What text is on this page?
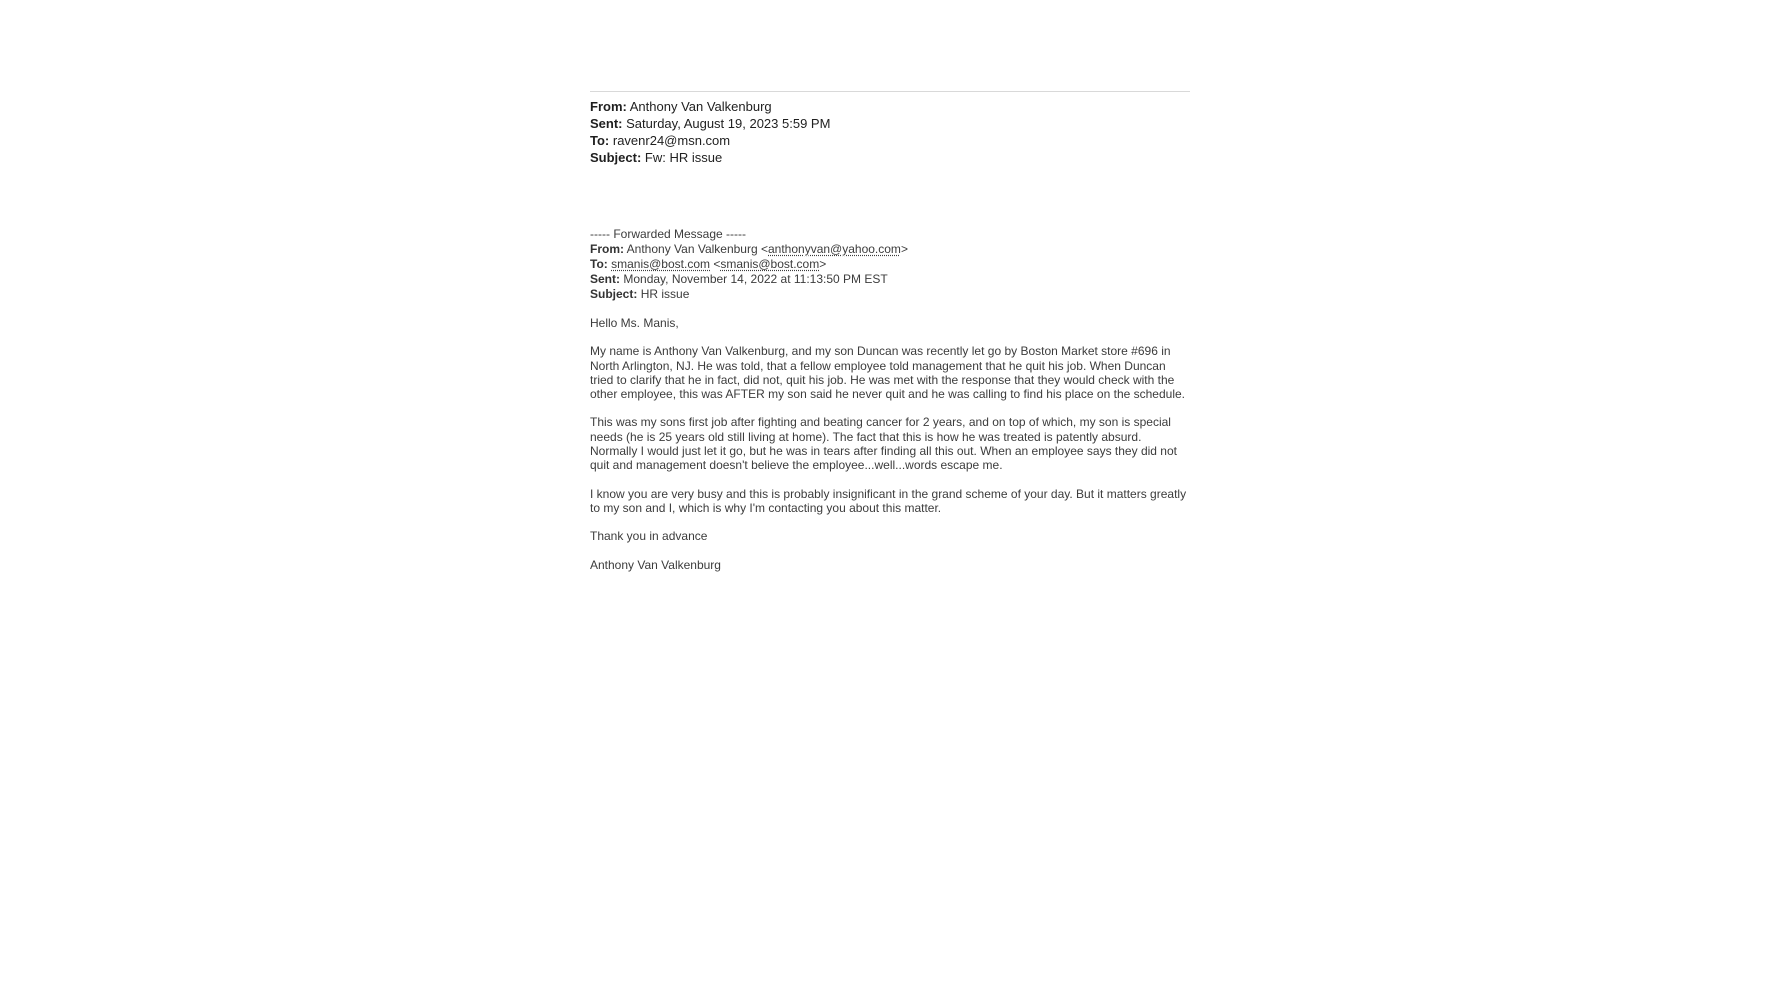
From: Anthony Van Valkenburg
Sent: Saturday, August 19, 2023 5:59 PM
To: ravenr24@msn.com
Subject: Fw: HR issue
----- Forwarded Message -----
From: Anthony Van Valkenburg <anthonyvan@yahoo.com>
To: smanis@bost.com <smanis@bost.com>
Sent: Monday, November 14, 2022 at 11:13:50 PM EST
Subject: HR issue

Hello Ms. Manis,

My name is Anthony Van Valkenburg, and my son Duncan was recently let go by Boston Market store #696 in North Arlington, NJ. He was told, that a fellow employee told management that he quit his job. When Duncan tried to clarify that he in fact, did not, quit his job. He was met with the response that they would check with the other employee, this was AFTER my son said he never quit and he was calling to find his place on the schedule.

This was my sons first job after fighting and beating cancer for 2 years, and on top of which, my son is special needs (he is 25 years old still living at home). The fact that this is how he was treated is patently absurd. Normally I would just let it go, but he was in tears after finding all this out. When an employee says they did not quit and management doesn't believe the employee...well...words escape me.

I know you are very busy and this is probably insignificant in the grand scheme of your day. But it matters greatly to my son and I, which is why I'm contacting you about this matter.

Thank you in advance

Anthony Van Valkenburg
